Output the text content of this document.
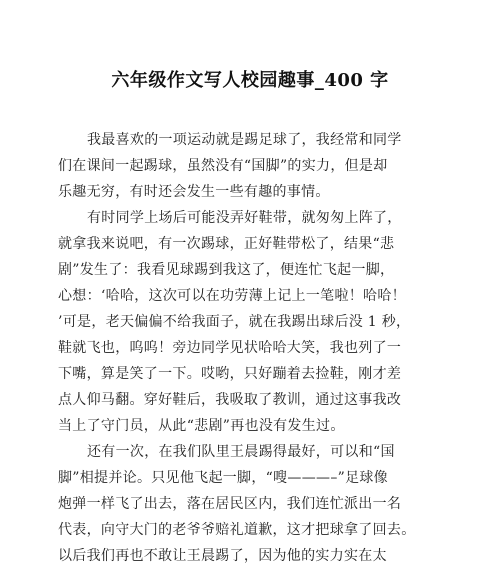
六年级作文写人校园趣事_400 字
我最喜欢的一项运动就是踢足球了，我经常和同学
们在课间一起踢球，虽然没有“国脚”的实力，但是却
乐趣无穷，有时还会发生一些有趣的事情。
有时同学上场后可能没弄好鞋带，就匆匆上阵了，
就拿我来说吧，有一次踢球，正好鞋带松了，结果“悲
剧”发生了：我看见球踢到我这了，便连忙飞起一脚，
心想：‘哈哈，这次可以在功劳薄上记上一笔啦！哈哈！
’可是，老天偏偏不给我面子，就在我踢出球后没 1 秒，
鞋就飞也，呜呜！旁边同学见状哈哈大笑，我也列了一
下嘴，算是笑了一下。哎哟，只好蹦着去捡鞋，刚才差
点人仰马翻。穿好鞋后，我吸取了教训，通过这事我改
当上了守门员，从此“悲剧”再也没有发生过。
还有一次，在我们队里王晨踢得最好，可以和“国
脚”相提并论。只见他飞起一脚，“嗖———–”足球像
炮弹一样飞了出去，落在居民区内，我们连忙派出一名
代表，向守大门的老爷爷赔礼道歉，这才把球拿了回去。
以后我们再也不敢让王晨踢了，因为他的实力实在太
